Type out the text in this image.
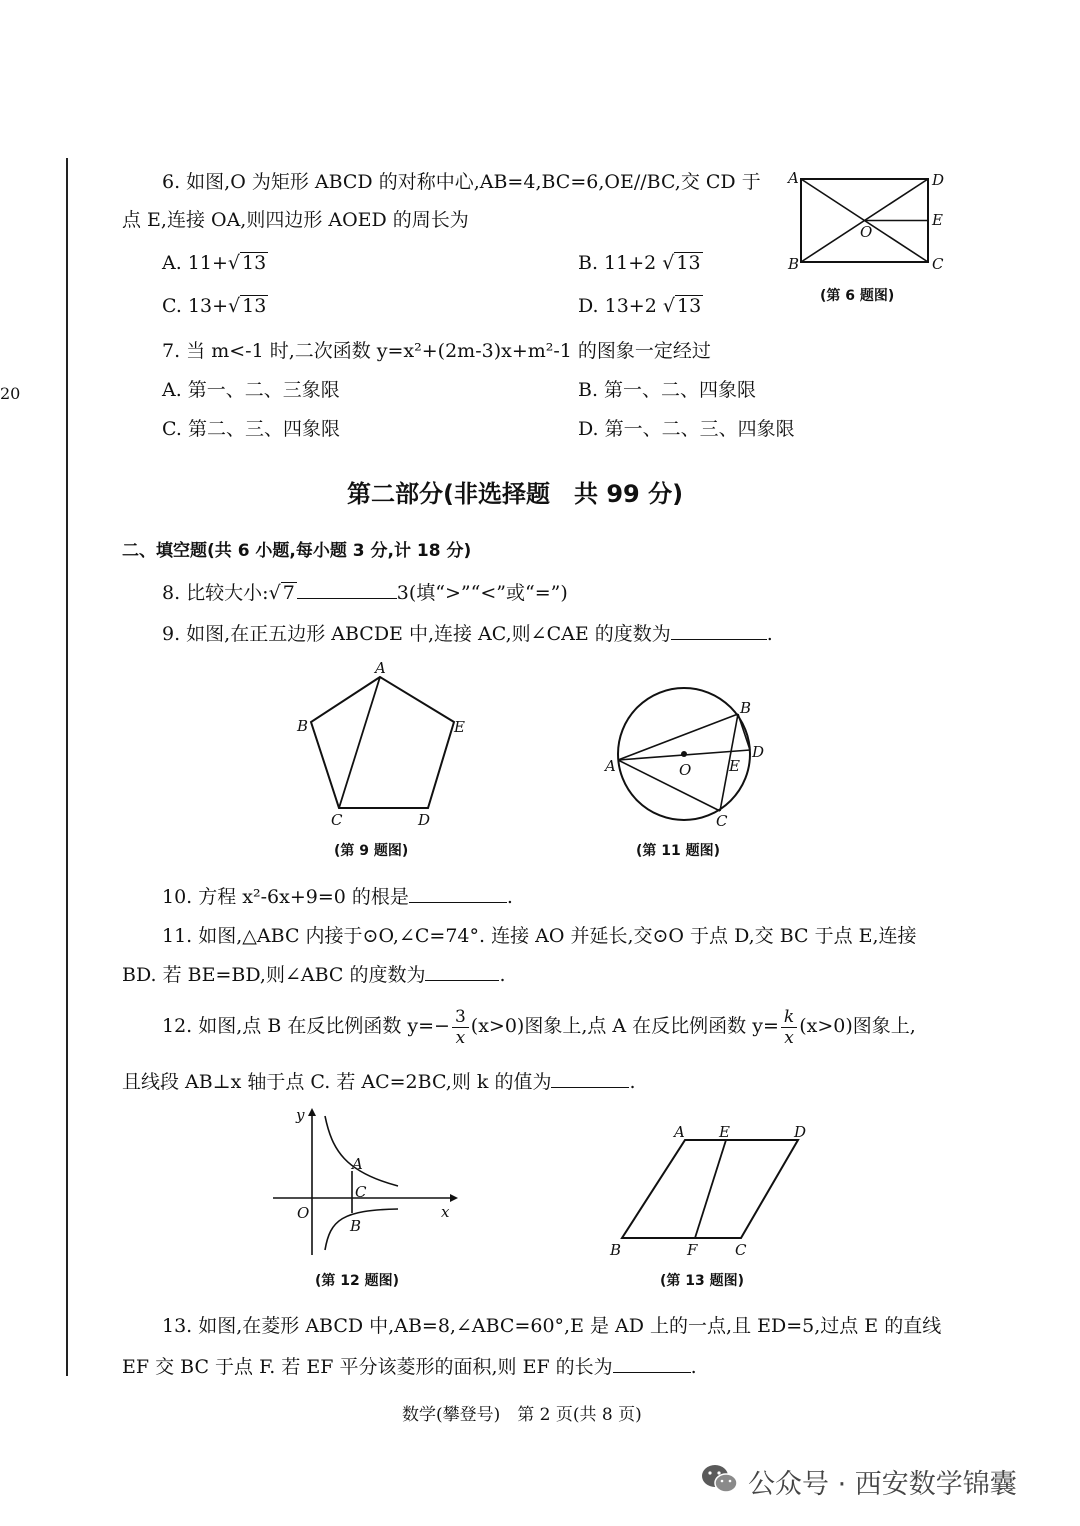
20
6. 如图,O 为矩形 ABCD 的对称中心,AB=4,BC=6,OE//BC,交 CD 于
点 E,连接 OA,则四边形 AOED 的周长为
A. 11+√ 13	B. 11+2 √ 13
C. 13+√ 13	D. 13+2 √ 13
A	D
B	C
E
O
(第 6 题图)
7. 当 m<-1 时,二次函数 y=x²+(2m-3)x+m²-1 的图象一定经过
A. 第一、二、三象限	B. 第一、二、四象限
C. 第二、三、四象限	D. 第一、二、三、四象限
第二部分(非选择题　共 99 分)
二、填空题(共 6 小题,每小题 3 分,计 18 分)
8. 比较大小:√ 7	3(填“>”“<”或“=”)
9. 如图,在正五边形 ABCDE 中,连接 AC,则∠CAE 的度数为	.
A
B	E
C	D
(第 9 题图)
A
B
D
E
O
C
(第 11 题图)
10. 方程 x²-6x+9=0 的根是	.
11. 如图,△ABC 内接于⊙O,∠C=74°. 连接 AO 并延长,交⊙O 于点 D,交 BC 于点 E,连接
BD. 若 BE=BD,则∠ABC 的度数为	.
12. 如图,点 B 在反比例函数 $y=- \frac{3}{x} (x>0)$图象上,点 A 在反比例函数 $y= \frac{k}{x} (x>0)$图象上,
且线段 AB⊥x 轴于点 C. 若 AC=2BC,则 k 的值为	.
y
x
O
A
C
B
(第 12 题图)
A E	D
B	F	C
(第 13 题图)
13. 如图,在菱形 ABCD 中,AB=8,∠ABC=60°,E 是 AD 上的一点,且 ED=5,过点 E 的直线
EF 交 BC 于点 F. 若 EF 平分该菱形的面积,则 EF 的长为	.
数学(攀登号)　第 2 页(共 8 页)
公众号 · 西安数学锦囊
